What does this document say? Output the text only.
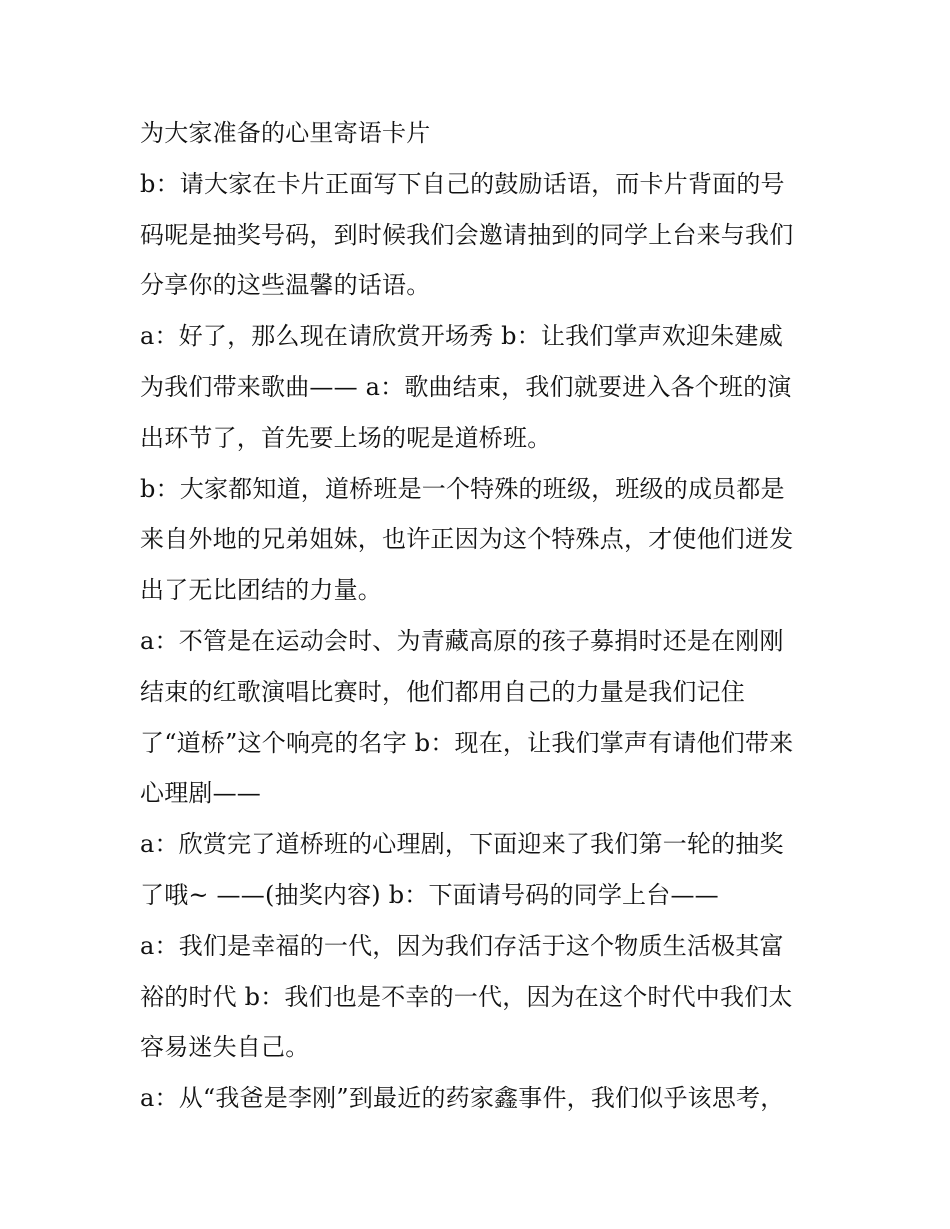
为大家准备的心里寄语卡片
b：请大家在卡片正面写下自己的鼓励话语，而卡片背面的号
码呢是抽奖号码，到时候我们会邀请抽到的同学上台来与我们
分享你的这些温馨的话语。
a：好了，那么现在请欣赏开场秀 b：让我们掌声欢迎朱建威
为我们带来歌曲—— a：歌曲结束，我们就要进入各个班的演
出环节了，首先要上场的呢是道桥班。
b：大家都知道，道桥班是一个特殊的班级，班级的成员都是
来自外地的兄弟姐妹，也许正因为这个特殊点，才使他们迸发
出了无比团结的力量。
a：不管是在运动会时、为青藏高原的孩子募捐时还是在刚刚
结束的红歌演唱比赛时，他们都用自己的力量是我们记住
了“道桥”这个响亮的名字 b：现在，让我们掌声有请他们带来
心理剧——
a：欣赏完了道桥班的心理剧，下面迎来了我们第一轮的抽奖
了哦~ ——(抽奖内容) b：下面请号码的同学上台——
a：我们是幸福的一代，因为我们存活于这个物质生活极其富
裕的时代 b：我们也是不幸的一代，因为在这个时代中我们太
容易迷失自己。
a：从“我爸是李刚”到最近的药家鑫事件，我们似乎该思考，
